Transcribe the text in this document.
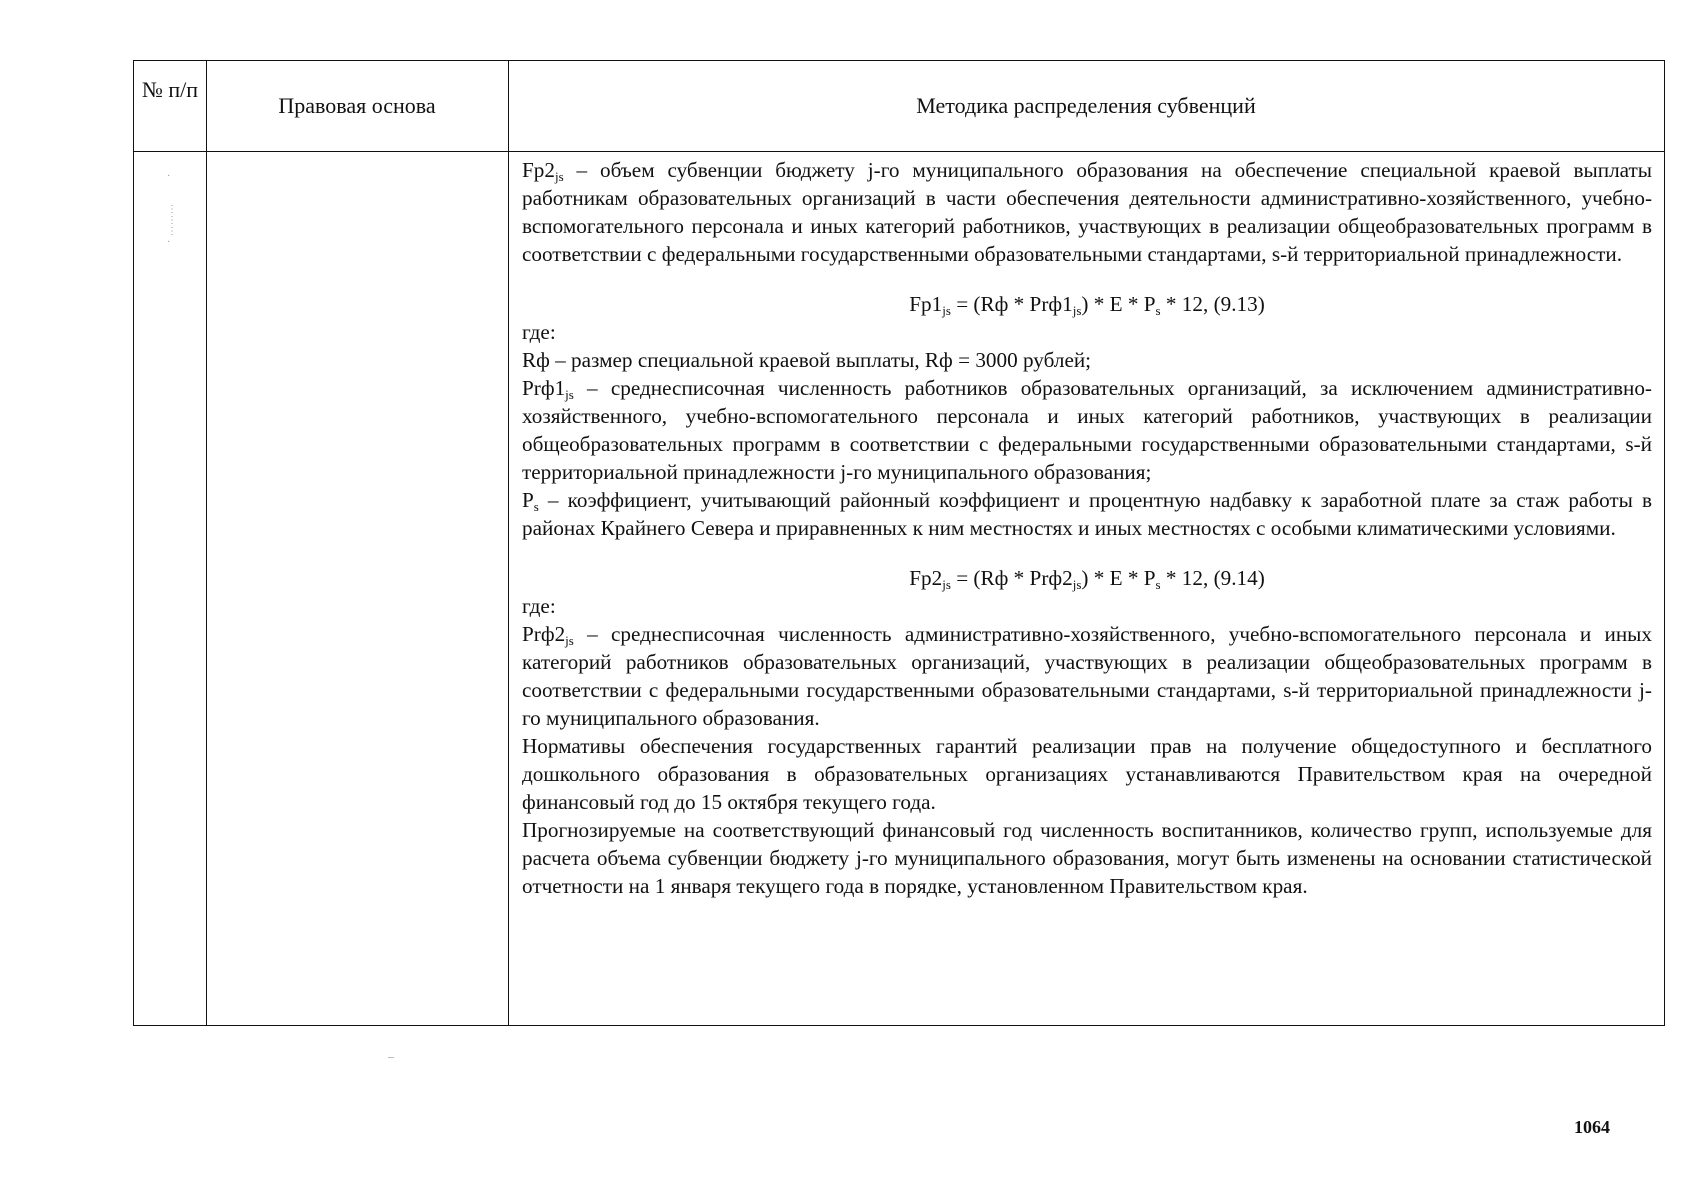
№ п/п
Правовая основа	Методика распределения субвенций
·

⋮
⋮
⋮
·

$Fp2_{js}$ – объем субвенции бюджету j-го муниципального образования на обеспечение специальной краевой выплаты работникам образовательных организаций в части обеспечения деятельности административно-хозяйственного, учебно-вспомогательного персонала и иных категорий работников, участвующих в реализации общеобразовательных программ в соответствии с федеральными государственными образовательными стандартами, s-й территориальной принадлежности.

$Fp1_{js} = (Rф * Prф1_{js}) * E * P_s * 12$, (9.13)

где:

Rф – размер специальной краевой выплаты, Rф = 3000 рублей;

$Prф1_{js}$ – среднесписочная численность работников образовательных организаций, за исключением административно-хозяйственного, учебно-вспомогательного персонала и иных категорий работников, участвующих в реализации общеобразовательных программ в соответствии с федеральными государственными образовательными стандартами, s-й территориальной принадлежности j-го муниципального образования;

$P_s$ – коэффициент, учитывающий районный коэффициент и процентную надбавку к заработной плате за стаж работы в районах Крайнего Севера и приравненных к ним местностях и иных местностях с особыми климатическими условиями.

$Fp2_{js} = (Rф * Prф2_{js}) * E * P_s * 12$, (9.14)

где:

$Prф2_{js}$ – среднесписочная численность административно-хозяйственного, учебно-вспомогательного персонала и иных категорий работников образовательных организаций, участвующих в реализации общеобразовательных программ в соответствии с федеральными государственными образовательными стандартами, s-й территориальной принадлежности j-го муниципального образования.

Нормативы обеспечения государственных гарантий реализации прав на получение общедоступного и бесплатного дошкольного образования в образовательных организациях устанавливаются Правительством края на очередной финансовый год до 15 октября текущего года.

Прогнозируемые на соответствующий финансовый год численность воспитанников, количество групп, используемые для расчета объема субвенции бюджету j-го муниципального образования, могут быть изменены на основании статистической отчетности на 1 января текущего года в порядке, установленном Правительством края.

1064
